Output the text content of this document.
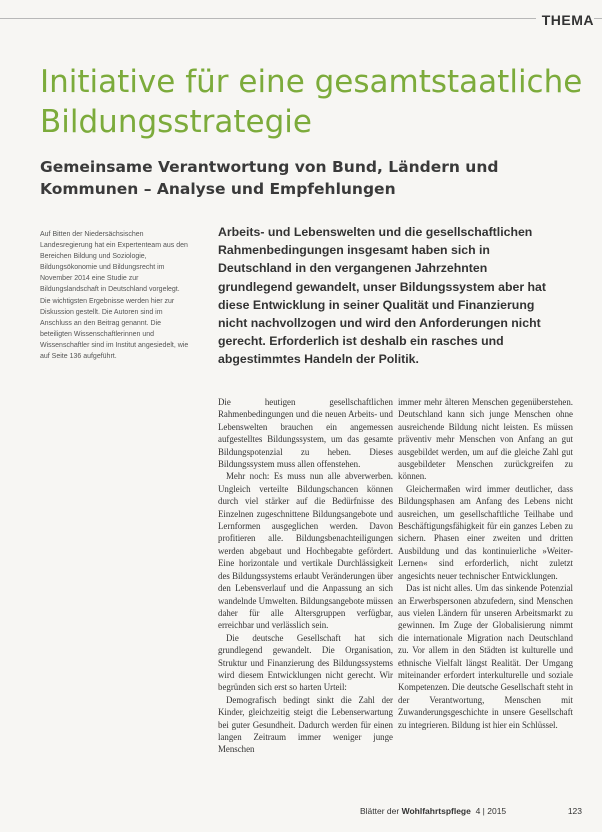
THEMA
Initiative für eine gesamtstaatliche Bildungsstrategie
Gemeinsame Verantwortung von Bund, Ländern und Kommunen – Analyse und Empfehlungen
Auf Bitten der Niedersächsischen Landesregierung hat ein Expertenteam aus den Bereichen Bildung und Soziologie, Bildungsökonomie und Bildungsrecht im November 2014 eine Studie zur Bildungslandschaft in Deutschland vorgelegt. Die wichtigsten Ergebnisse werden hier zur Diskussion gestellt. Die Autoren sind im Anschluss an den Beitrag genannt. Die beteiligten Wissenschaftlerinnen und Wissenschaftler sind im Institut angesiedelt, wie auf Seite 136 aufgeführt.
Arbeits- und Lebenswelten und die gesellschaftlichen Rahmenbedingungen insgesamt haben sich in Deutschland in den vergangenen Jahrzehnten grundlegend gewandelt, unser Bildungssystem aber hat diese Entwicklung in seiner Qualität und Finanzierung nicht nachvollzogen und wird den Anforderungen nicht gerecht. Erforderlich ist deshalb ein rasches und abgestimmtes Handeln der Politik.

Die heutigen gesellschaftlichen Rahmenbedingungen und die neuen Arbeits- und Lebenswelten brauchen ein angemessen aufgestelltes Bildungssystem, um das gesamte Bildungspotenzial zu heben. Dieses Bildungssystem muss allen offenstehen.

Mehr noch: Es muss nun alle abverwerben. Ungleich verteilte Bildungschancen können durch viel stärker auf die Bedürfnisse des Einzelnen zugeschnittene Bildungsangebote und Lernformen ausgeglichen werden. Davon profitieren alle. Bildungsbenachteiligungen werden abgebaut und Hochbegabte gefördert. Eine horizontale und vertikale Durchlässigkeit des Bildungssystems erlaubt Veränderungen über den Lebensverlauf und die Anpassung an sich wandelnde Umwelten. Bildungsangebote müssen daher für alle Altersgruppen verfügbar, erreichbar und verlässlich sein.

Die deutsche Gesellschaft hat sich grundlegend gewandelt. Die Organisation, Struktur und Finanzierung des Bildungssystems wird diesem Entwicklungen nicht gerecht. Wir begründen sich erst so harten Urteil:

Demografisch bedingt sinkt die Zahl der Kinder, gleichzeitig steigt die Lebenserwartung bei guter Gesundheit. Dadurch werden für einen langen Zeitraum immer weniger junge Menschen

immer mehr älteren Menschen gegenüberstehen. Deutschland kann sich junge Menschen ohne ausreichende Bildung nicht leisten. Es müssen präventiv mehr Menschen von Anfang an gut ausgebildet werden, um auf die gleiche Zahl gut ausgebildeter Menschen zurückgreifen zu können.

Gleichermaßen wird immer deutlicher, dass Bildungsphasen am Anfang des Lebens nicht ausreichen, um gesellschaftliche Teilhabe und Beschäftigungsfähigkeit für ein ganzes Leben zu sichern. Phasen einer zweiten und dritten Ausbildung und das kontinuierliche »Weiter-Lernen« sind erforderlich, nicht zuletzt angesichts neuer technischer Entwicklungen.

Das ist nicht alles. Um das sinkende Potenzial an Erwerbspersonen abzufedern, sind Menschen aus vielen Ländern für unseren Arbeitsmarkt zu gewinnen. Im Zuge der Globalisierung nimmt die internationale Migration nach Deutschland zu. Vor allem in den Städten ist kulturelle und ethnische Vielfalt längst Realität. Der Umgang miteinander erfordert interkulturelle und soziale Kompetenzen. Die deutsche Gesellschaft steht in der Verantwortung, Menschen mit Zuwanderungsgeschichte in unsere Gesellschaft zu integrieren. Bildung ist hier ein Schlüssel.

Blätter der Wohlfahrtspflege 4 | 2015	123
